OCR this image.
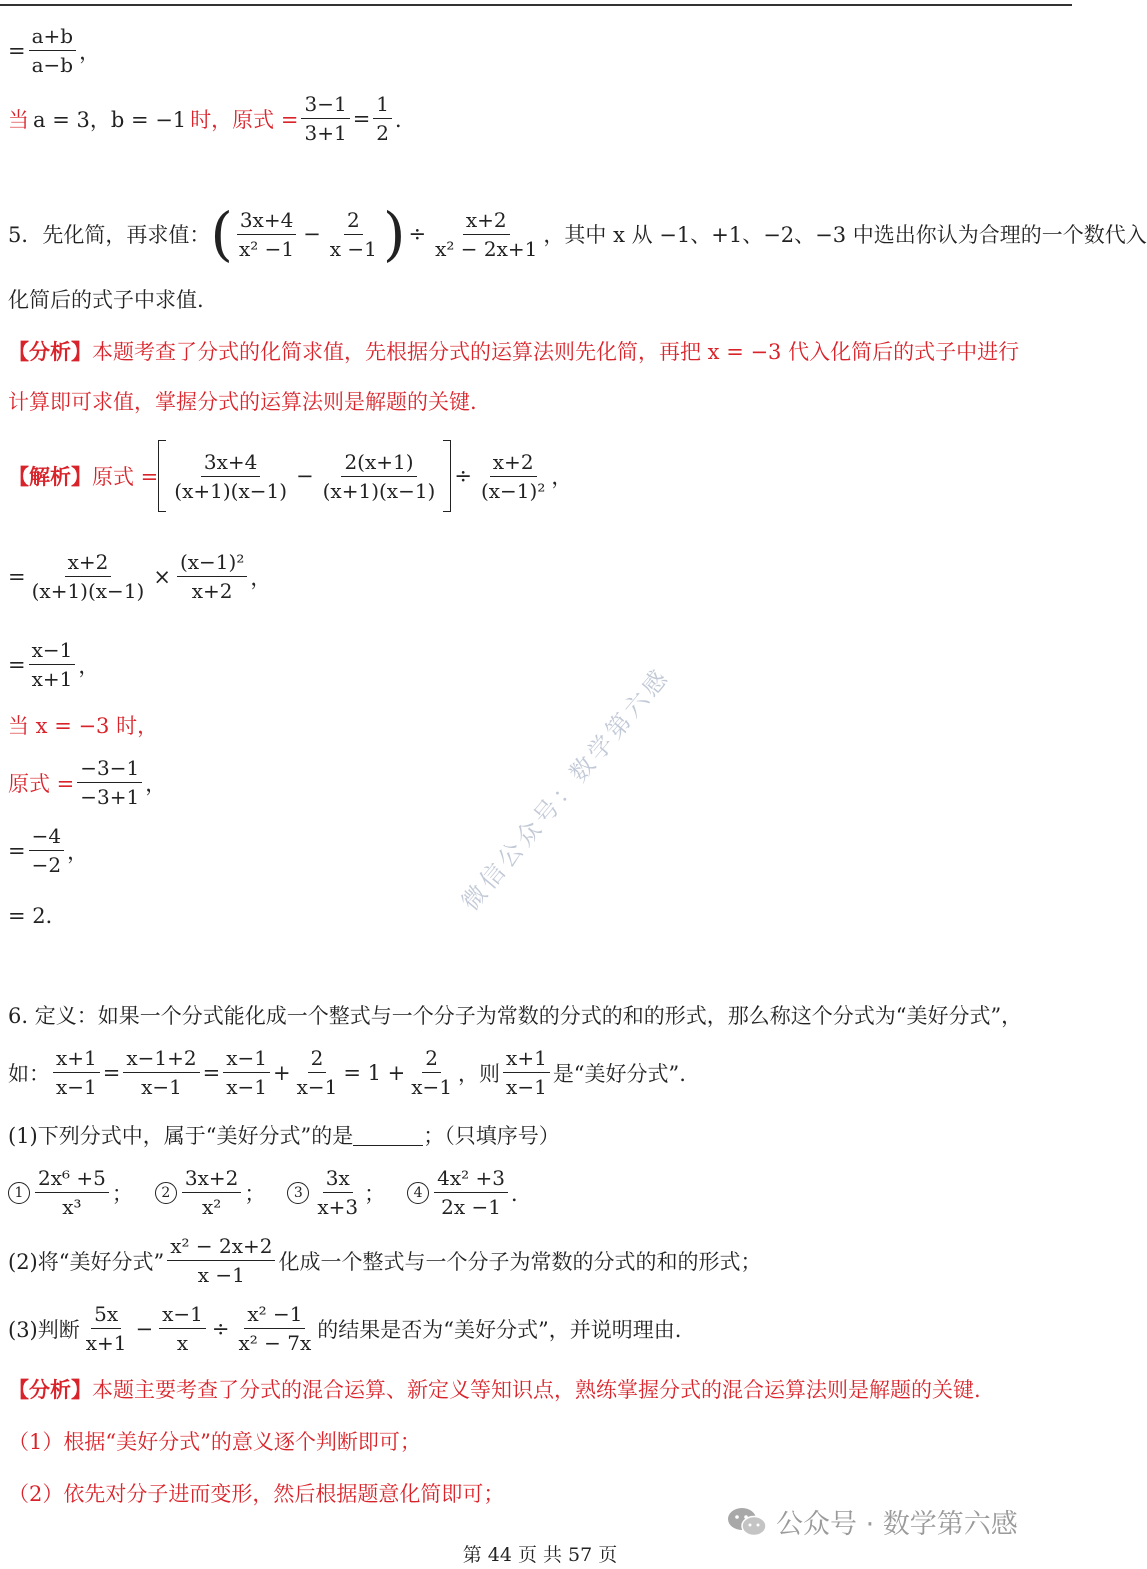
= $\frac{a+b}{a-b}$ ，
当 a = 3，b = −1 时，原式 = $\frac{3-1}{3+1} = \frac{1}{2}$ ．
5．先化简，再求值： ( $\frac{3x+4}{\text{x² −1}} - \frac{2}{x -1}$ ) ÷ $\frac{x+2}{\text{x² − 2x+1}}$ ，其中 x 从 −1、+1、−2、−3 中选出你认为合理的一个数代入
化简后的式子中求值.
【分析】 本题考查了分式的化简求值，先根据分式的运算法则先化简，再把 x = −3 代入化简后的式子中进行
计算即可求值，掌握分式的运算法则是解题的关键.
【解析】 原式 = $\frac{3x+4}{(x+1)(x-1)} - \frac{2(x+1)}{(x+1)(x-1)} \div \frac{x+2}{\text{(x−1)²}}$ ，
= $\frac{x+2}{(x+1)(x-1)} \times \frac{\text{(x−1)²}}{x+2}$ ，
= $\frac{x-1}{x+1}$ ，
当 x = −3 时，
原式 = $\frac{-3-1}{-3+1}$ ，
= $\frac{-4}{-2}$ ，
= 2．	微信公众号：数学第六感
6. 定义：如果一个分式能化成一个整式与一个分子为常数的分式的和的形式，那么称这个分式为“美好分式”，
如： $\frac{x+1}{x-1} = \frac{x-1+2}{x-1} = \frac{x-1}{x-1} + \frac{2}{x-1} = 1 + \frac{2}{x-1}$ ，则 $\frac{x+1}{x-1}$ 是“美好分式”.
(1)下列分式中，属于“美好分式”的是	；（只填序号）
$1 \frac{\text{2x⁶ +5}}{\text{x³}}$ ；	$2 \frac{3x+2}{\text{x²}}$ ；	$3 \frac{3x}{x+3}$ ；	$4 \frac{\text{4x² +3}}{2x -1}$ ．
(2)将“美好分式” $\frac{\text{x² − 2x+2}}{x -1}$ 化成一个整式与一个分子为常数的分式的和的形式；
(3)判断 $\frac{5x}{x+1} - \frac{x-1}{x} \div \frac{\text{x² −1}}{\text{x² − 7x}}$ 的结果是否为“美好分式”，并说明理由.
【分析】 本题主要考查了分式的混合运算、新定义等知识点，熟练掌握分式的混合运算法则是解题的关键.
（1）根据“美好分式”的意义逐个判断即可；
（2）依先对分子进而变形，然后根据题意化简即可；
公众号 · 数学第六感
第 44 页 共 57 页
